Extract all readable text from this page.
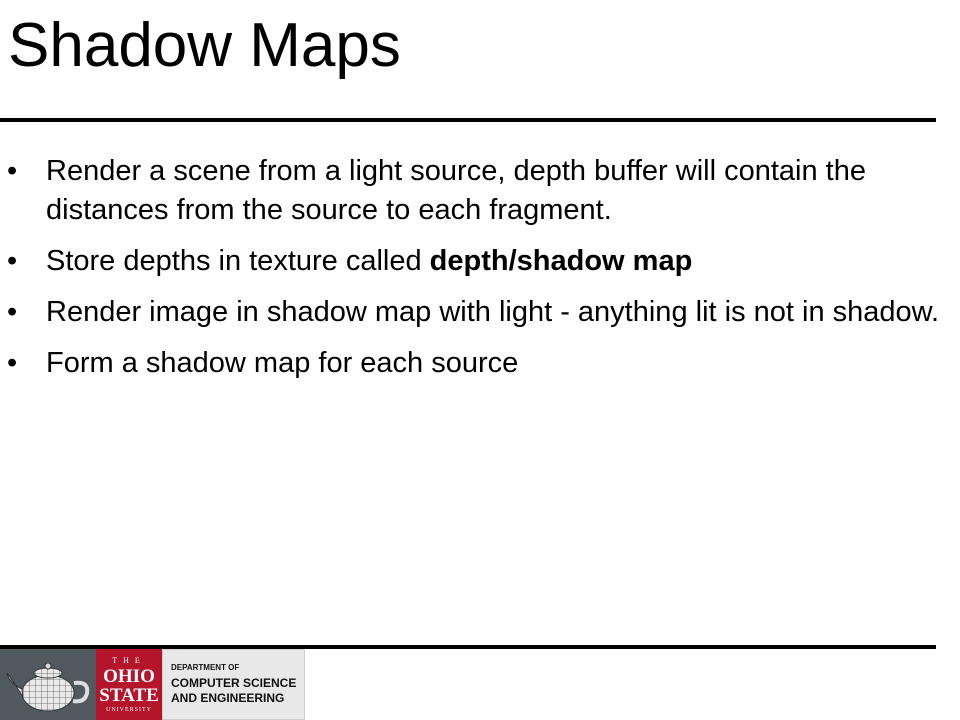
Shadow Maps
• Render a scene from a light source, depth buffer will contain the distances from the source to each fragment.
• Store depths in texture called depth/shadow map
• Render image in shadow map with light - anything lit is not in shadow.
• Form a shadow map for each source
THE
OHIO
STATE
UNIVERSITY
DEPARTMENT OF
COMPUTER SCIENCE
AND ENGINEERING
